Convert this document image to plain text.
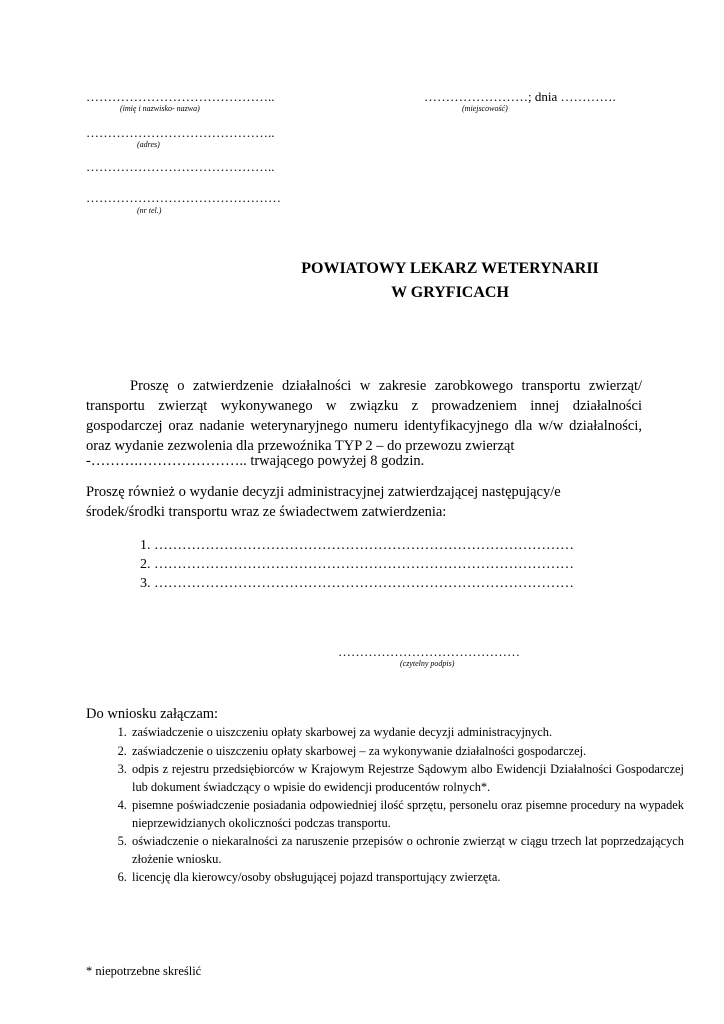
……………………………………..
(imię i nazwisko- nazwa)
……………………; dnia ………….
(miejscowość)
……………………………………..
(adres)
……………………………………..
………………………………………
(nr tel.)
POWIATOWY LEKARZ WETERYNARII
W GRYFICACH
Proszę o zatwierdzenie działalności w zakresie zarobkowego transportu zwierząt/ transportu zwierząt wykonywanego w związku z prowadzeniem innej działalności gospodarczej oraz nadanie weterynaryjnego numeru identyfikacyjnego dla w/w działalności, oraz wydanie zezwolenia dla przewoźnika TYP 2 – do przewozu zwierząt
-……….………………….. trwającego powyżej 8 godzin.
Proszę również o wydanie decyzji administracyjnej zatwierdzającej następujący/e środek/środki transportu wraz ze świadectwem zatwierdzenia:
1. ………………………………………………………………………………
2. ………………………………………………………………………………
3. ………………………………………………………………………………
……………………………………
(czytelny podpis)
Do wniosku załączam:
1. zaświadczenie o uiszczeniu opłaty skarbowej za wydanie decyzji administracyjnych.
2. zaświadczenie o uiszczeniu opłaty skarbowej – za wykonywanie działalności gospodarczej.
3. odpis z rejestru przedsiębiorców w Krajowym Rejestrze Sądowym albo Ewidencji Działalności Gospodarczej lub dokument świadczący o wpisie do ewidencji producentów rolnych*.
4. pisemne poświadczenie posiadania odpowiedniej ilość sprzętu, personelu oraz pisemne procedury na wypadek nieprzewidzianych okoliczności podczas transportu.
5. oświadczenie o niekaralności za naruszenie przepisów o ochronie zwierząt w ciągu trzech lat poprzedzających złożenie wniosku.
6. licencję dla kierowcy/osoby obsługującej pojazd transportujący zwierzęta.
* niepotrzebne skreślić
